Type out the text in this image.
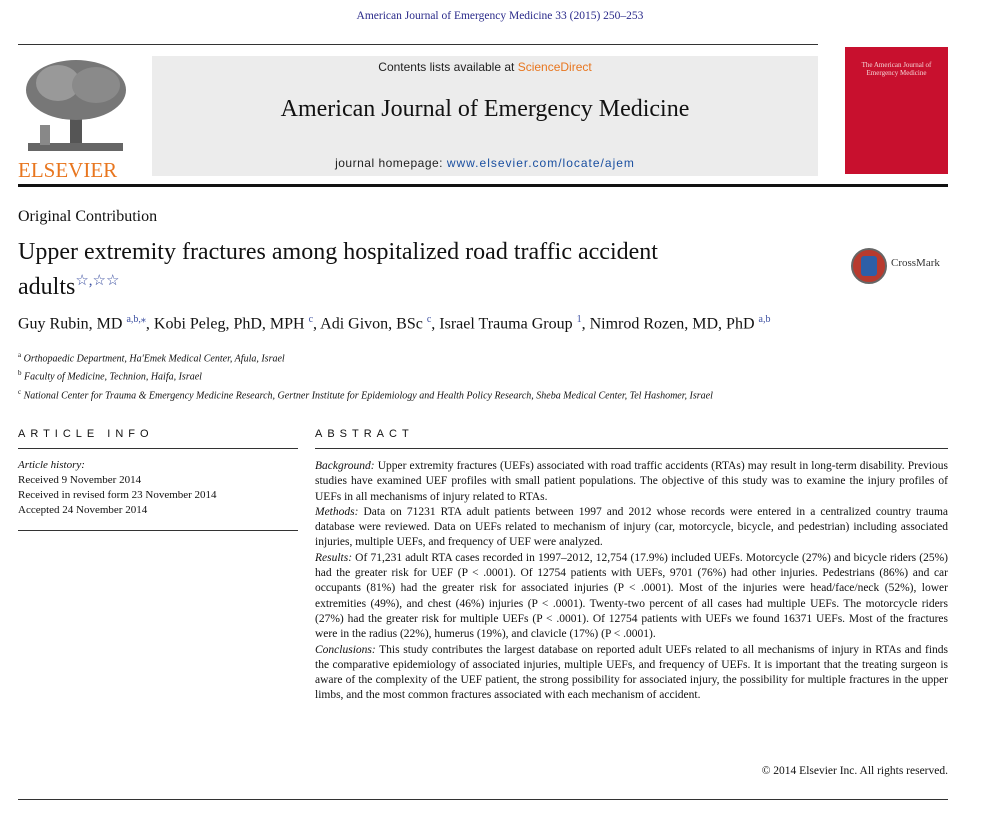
American Journal of Emergency Medicine 33 (2015) 250–253
ELSEVIER
Contents lists available at ScienceDirect
American Journal of Emergency Medicine
journal homepage: www.elsevier.com/locate/ajem
The American Journal of Emergency Medicine
Original Contribution
Upper extremity fractures among hospitalized road traffic accident adults☆,☆☆
CrossMark
Guy Rubin, MD $^{a,b,⁎}$, Kobi Peleg, PhD, MPH $^c$, Adi Givon, BSc $^c$, Israel Trauma Group $^1$, Nimrod Rozen, MD, PhD $^{a,b}$
$^a$ Orthopaedic Department, Ha'Emek Medical Center, Afula, Israel
$^b$ Faculty of Medicine, Technion, Haifa, Israel
$^c$ National Center for Trauma & Emergency Medicine Research, Gertner Institute for Epidemiology and Health Policy Research, Sheba Medical Center, Tel Hashomer, Israel
ARTICLE INFO	ABSTRACT
Article history:
Received 9 November 2014
Received in revised form 23 November 2014
Accepted 24 November 2014

Background: Upper extremity fractures (UEFs) associated with road traffic accidents (RTAs) may result in long-term disability. Previous studies have examined UEF profiles with small patient populations. The objective of this study was to examine the injury profiles of UEFs in all mechanisms of injury related to RTAs.

Methods: Data on 71231 RTA adult patients between 1997 and 2012 whose records were entered in a centralized country trauma database were reviewed. Data on UEFs related to mechanism of injury (car, motorcycle, bicycle, and pedestrian) including associated injuries, multiple UEFs, and frequency of UEF were analyzed.

Results: Of 71,231 adult RTA cases recorded in 1997–2012, 12,754 (17.9%) included UEFs. Motorcycle (27%) and bicycle riders (25%) had the greater risk for UEF (P < .0001). Of 12754 patients with UEFs, 9701 (76%) had other injuries. Pedestrians (86%) and car occupants (81%) had the greater risk for associated injuries (P < .0001). Most of the injuries were head/face/neck (52%), lower extremities (49%), and chest (46%) injuries (P < .0001). Twenty-two percent of all cases had multiple UEFs. The motorcycle riders (27%) had the greater risk for multiple UEFs (P < .0001). Of 12754 patients with UEFs we found 16371 UEFs. Most of the fractures were in the radius (22%), humerus (19%), and clavicle (17%) (P < .0001).

Conclusions: This study contributes the largest database on reported adult UEFs related to all mechanisms of injury in RTAs and finds the comparative epidemiology of associated injuries, multiple UEFs, and frequency of UEFs. It is important that the treating surgeon is aware of the complexity of the UEF patient, the strong possibility for associated injury, the possibility for multiple fractures in the upper limbs, and the most common fractures associated with each mechanism of accident.

© 2014 Elsevier Inc. All rights reserved.
